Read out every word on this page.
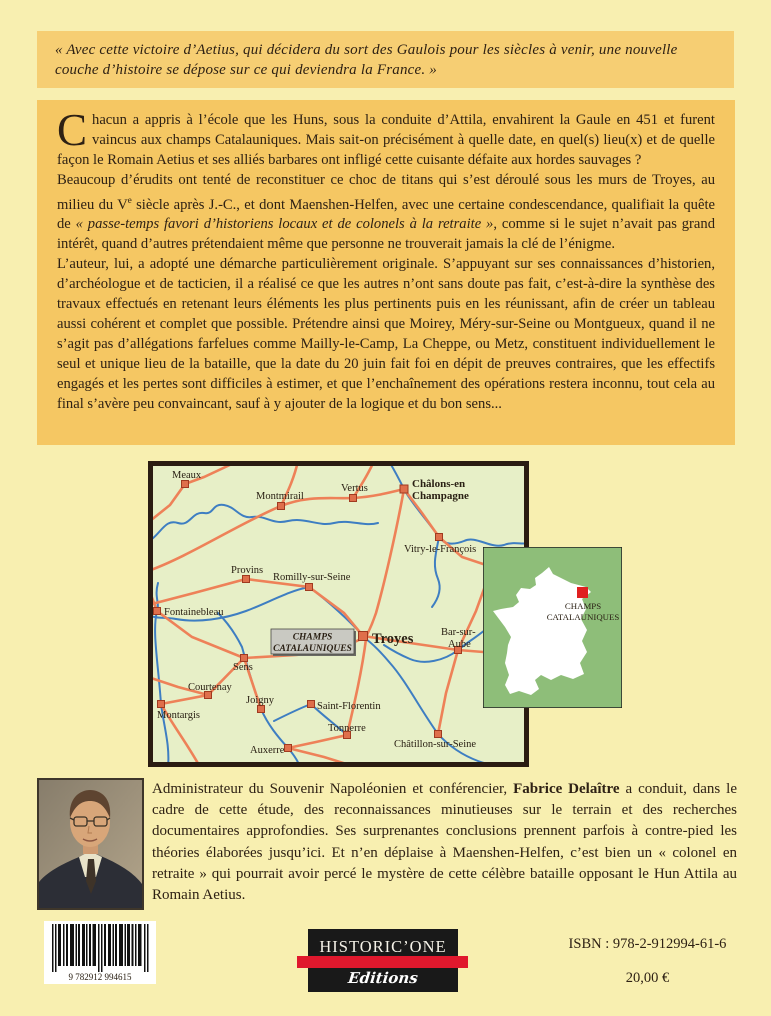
« Avec cette victoire d’Aetius, qui décidera du sort des Gaulois pour les siècles à venir, une nouvelle couche d’histoire se dépose sur ce qui deviendra la France. »

Chacun a appris à l’école que les Huns, sous la conduite d’Attila, envahirent la Gaule en 451 et furent vaincus aux champs Catalauniques. Mais sait-on précisément à quelle date, en quel(s) lieu(x) et de quelle façon le Romain Aetius et ses alliés barbares ont infligé cette cuisante défaite aux hordes sauvages ?

Beaucoup d’érudits ont tenté de reconstituer ce choc de titans qui s’est déroulé sous les murs de Troyes, au milieu du Ve siècle après J.-C., et dont Maenshen-Helfen, avec une certaine condescendance, qualifiait la quête de « passe-temps favori d’historiens locaux et de colonels à la retraite », comme si le sujet n’avait pas grand intérêt, quand d’autres prétendaient même que personne ne trouverait jamais la clé de l’énigme.

L’auteur, lui, a adopté une démarche particulièrement originale. S’appuyant sur ses connaissances d’historien, d’archéologue et de tacticien, il a réalisé ce que les autres n’ont sans doute pas fait, c’est-à-dire la synthèse des travaux effectués en retenant leurs éléments les plus pertinents puis en les réunissant, afin de créer un tableau aussi cohérent et complet que possible. Prétendre ainsi que Moirey, Méry-sur-Seine ou Montgueux, quand il ne s’agit pas d’allégations farfelues comme Mailly-le-Camp, La Cheppe, ou Metz, constituent individuellement le seul et unique lieu de la bataille, que la date du 20 juin fait foi en dépit de preuves contraires, que les effectifs engagés et les pertes sont difficiles à estimer, et que l’enchaînement des opérations restera inconnu, tout cela au final s’avère peu convaincant, sauf à y ajouter de la logique et du bon sens...

Meaux
Montmirail
Vertus	Châlons-en
Champagne
Vitry-le-François
Provins
Romilly-sur-Seine
Fontainebleau
Sens
Courtenay
Montargis
Joigny
Saint-Florentin
Tonnerre
Auxerre
Bar-sur-
Aube
Châtillon-sur-Seine
Troyes
CHAMPS
CATALAUNIQUES
CHAMPS
CATALAUNIQUES

Administrateur du Souvenir Napoléonien et conférencier, Fabrice Delaître a conduit, dans le cadre de cette étude, des reconnaissances minutieuses sur le terrain et des recherches documentaires approfondies. Ses surprenantes conclusions prennent parfois à contre-pied les théories élaborées jusqu’ici. Et n’en déplaise à Maenshen-Helfen, c’est bien un « colonel en retraite » qui pourrait avoir percé le mystère de cette célèbre bataille opposant le Hun Attila au Romain Aetius.

9 782912 994615
HISTORIC’ONE
Editions

ISBN : 978-2-912994-61-6

20,00 €
